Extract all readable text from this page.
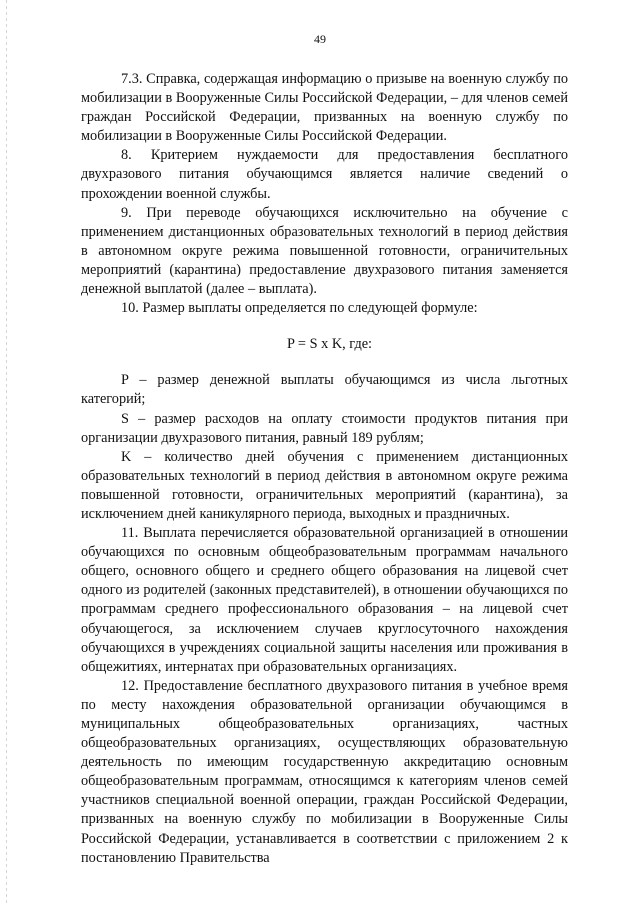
49

7.3. Справка, содержащая информацию о призыве на военную службу по мобилизации в Вооруженные Силы Российской Федерации, – для членов семей граждан Российской Федерации, призванных на военную службу по мобилизации в Вооруженные Силы Российской Федерации.

8. Критерием нуждаемости для предоставления бесплатного двухразового питания обучающимся является наличие сведений о прохождении военной службы.

9. При переводе обучающихся исключительно на обучение с применением дистанционных образовательных технологий в период действия в автономном округе режима повышенной готовности, ограничительных мероприятий (карантина) предоставление двухразового питания заменяется денежной выплатой (далее – выплата).

10. Размер выплаты определяется по следующей формуле:

P = S x K, где:

P – размер денежной выплаты обучающимся из числа льготных категорий;

S – размер расходов на оплату стоимости продуктов питания при организации двухразового питания, равный 189 рублям;

K – количество дней обучения с применением дистанционных образовательных технологий в период действия в автономном округе режима повышенной готовности, ограничительных мероприятий (карантина), за исключением дней каникулярного периода, выходных и праздничных.

11. Выплата перечисляется образовательной организацией в отношении обучающихся по основным общеобразовательным программам начального общего, основного общего и среднего общего образования на лицевой счет одного из родителей (законных представителей), в отношении обучающихся по программам среднего профессионального образования – на лицевой счет обучающегося, за исключением случаев круглосуточного нахождения обучающихся в учреждениях социальной защиты населения или проживания в общежитиях, интернатах при образовательных организациях.

12. Предоставление бесплатного двухразового питания в учебное время по месту нахождения образовательной организации обучающимся в муниципальных общеобразовательных организациях, частных общеобразовательных организациях, осуществляющих образовательную деятельность по имеющим государственную аккредитацию основным общеобразовательным программам, относящимся к категориям членов семей участников специальной военной операции, граждан Российской Федерации, призванных на военную службу по мобилизации в Вооруженные Силы Российской Федерации, устанавливается в соответствии с приложением 2 к постановлению Правительства
